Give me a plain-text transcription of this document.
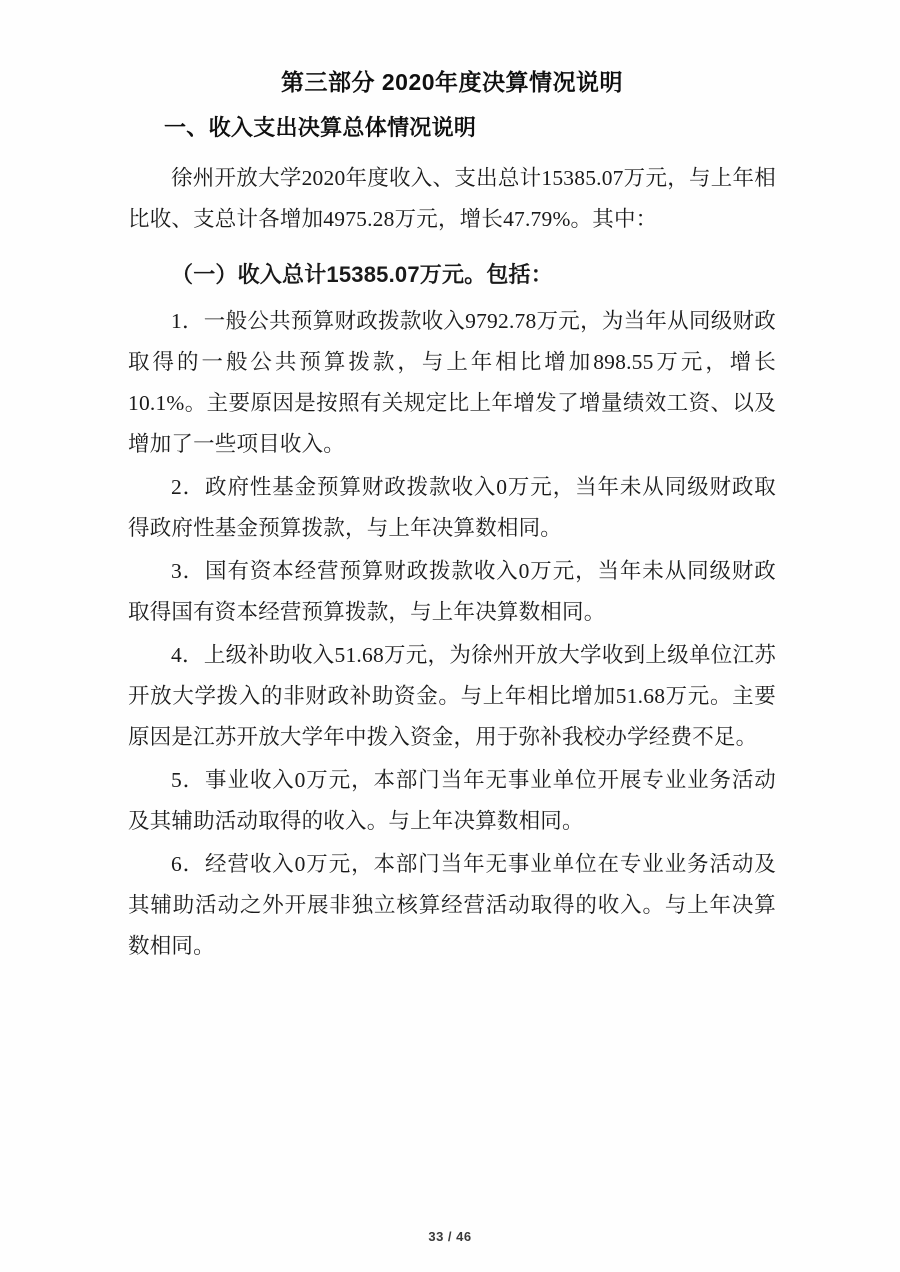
第三部分 2020年度决算情况说明
一、收入支出决算总体情况说明

徐州开放大学2020年度收入、支出总计15385.07万元，与上年相比收、支总计各增加4975.28万元，增长47.79%。其中：

（一）收入总计15385.07万元。包括：

1．一般公共预算财政拨款收入9792.78万元，为当年从同级财政取得的一般公共预算拨款，与上年相比增加898.55万元，增长10.1%。主要原因是按照有关规定比上年增发了增量绩效工资、以及增加了一些项目收入。

2．政府性基金预算财政拨款收入0万元，当年未从同级财政取得政府性基金预算拨款，与上年决算数相同。

3．国有资本经营预算财政拨款收入0万元，当年未从同级财政取得国有资本经营预算拨款，与上年决算数相同。

4．上级补助收入51.68万元，为徐州开放大学收到上级单位江苏开放大学拨入的非财政补助资金。与上年相比增加51.68万元。主要原因是江苏开放大学年中拨入资金，用于弥补我校办学经费不足。

5．事业收入0万元，本部门当年无事业单位开展专业业务活动及其辅助活动取得的收入。与上年决算数相同。

6．经营收入0万元，本部门当年无事业单位在专业业务活动及其辅助活动之外开展非独立核算经营活动取得的收入。与上年决算数相同。

33 / 46
